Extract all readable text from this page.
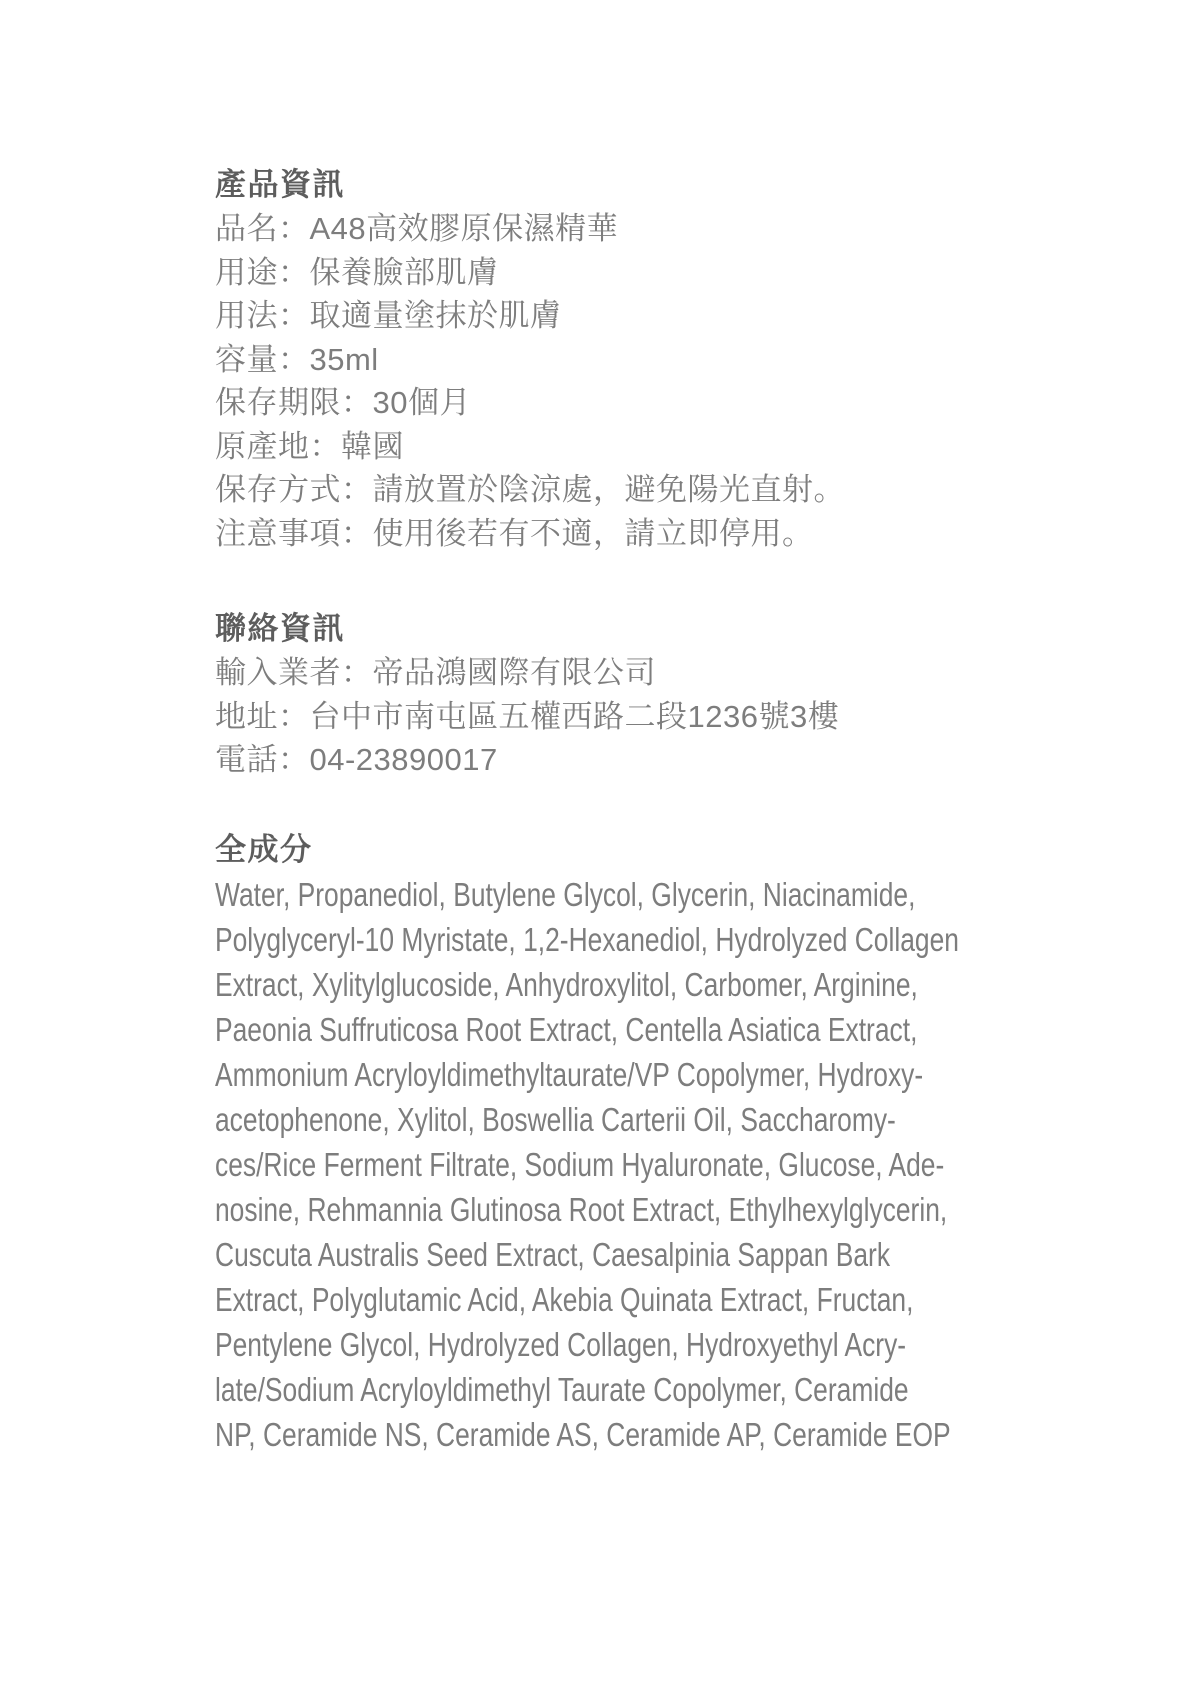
產品資訊
品名：A48高效膠原保濕精華
用途：保養臉部肌膚
用法：取適量塗抹於肌膚
容量：35ml
保存期限：30個月
原產地：韓國
保存方式：請放置於陰涼處，避免陽光直射。
注意事項：使用後若有不適，請立即停用。
聯絡資訊
輸入業者：帝品鴻國際有限公司
地址：台中市南屯區五權西路二段1236號3樓
電話：04-23890017
全成分
Water, Propanediol, Butylene Glycol, Glycerin, Niacinamide,
Polyglyceryl-10 Myristate, 1,2-Hexanediol, Hydrolyzed Collagen
Extract, Xylitylglucoside, Anhydroxylitol, Carbomer, Arginine,
Paeonia Suffruticosa Root Extract, Centella Asiatica Extract,
Ammonium Acryloyldimethyltaurate/VP Copolymer, Hydroxy-
acetophenone, Xylitol, Boswellia Carterii Oil, Saccharomy-
ces/Rice Ferment Filtrate, Sodium Hyaluronate, Glucose, Ade-
nosine, Rehmannia Glutinosa Root Extract, Ethylhexylglycerin,
Cuscuta Australis Seed Extract, Caesalpinia Sappan Bark
Extract, Polyglutamic Acid, Akebia Quinata Extract, Fructan,
Pentylene Glycol, Hydrolyzed Collagen, Hydroxyethyl Acry-
late/Sodium Acryloyldimethyl Taurate Copolymer, Ceramide
NP, Ceramide NS, Ceramide AS, Ceramide AP, Ceramide EOP
